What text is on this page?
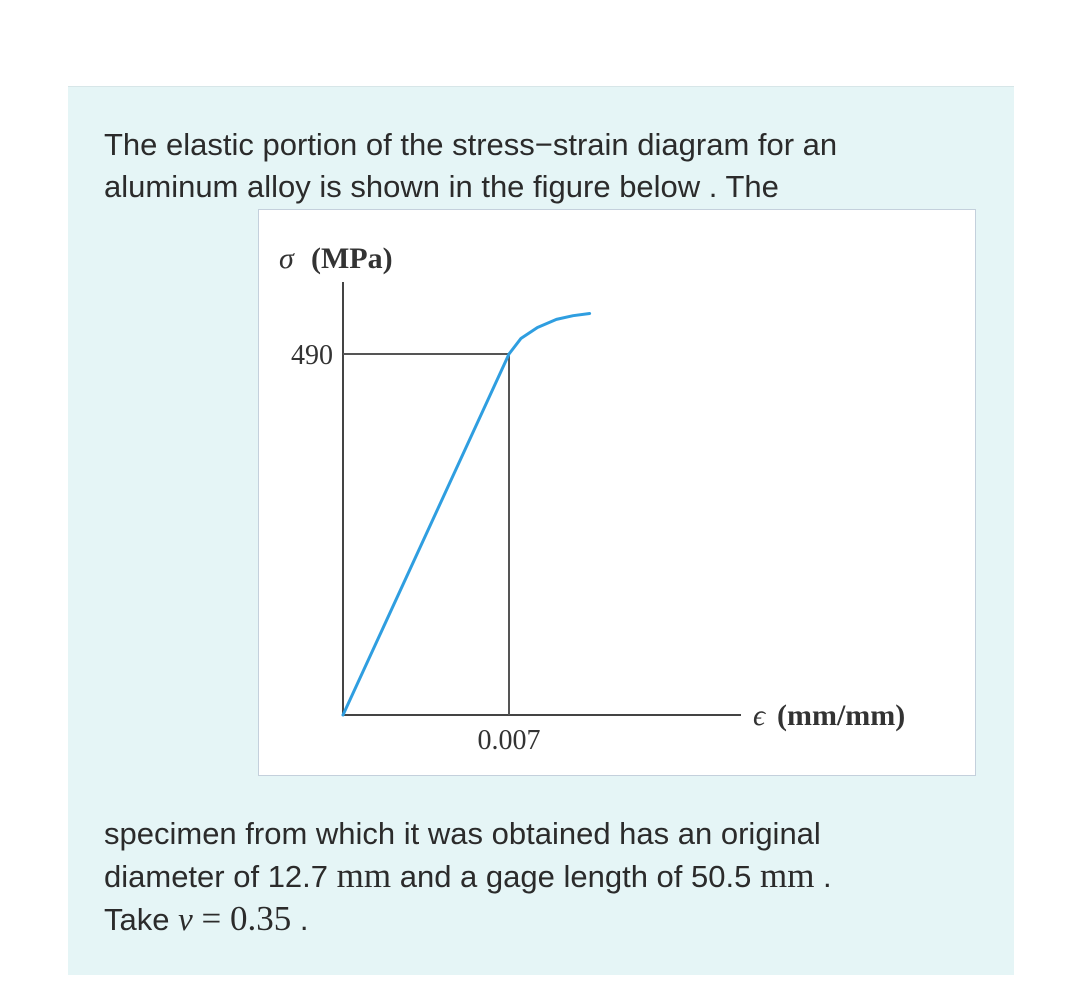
The elastic portion of the stress−strain diagram for an
aluminum alloy is shown in the figure below . The

σ (MPa)
490
0.007
ϵ (mm/mm)

specimen from which it was obtained has an original
diameter of 12.7 mm and a gage length of 50.5 mm .
Take v = 0.35 .
